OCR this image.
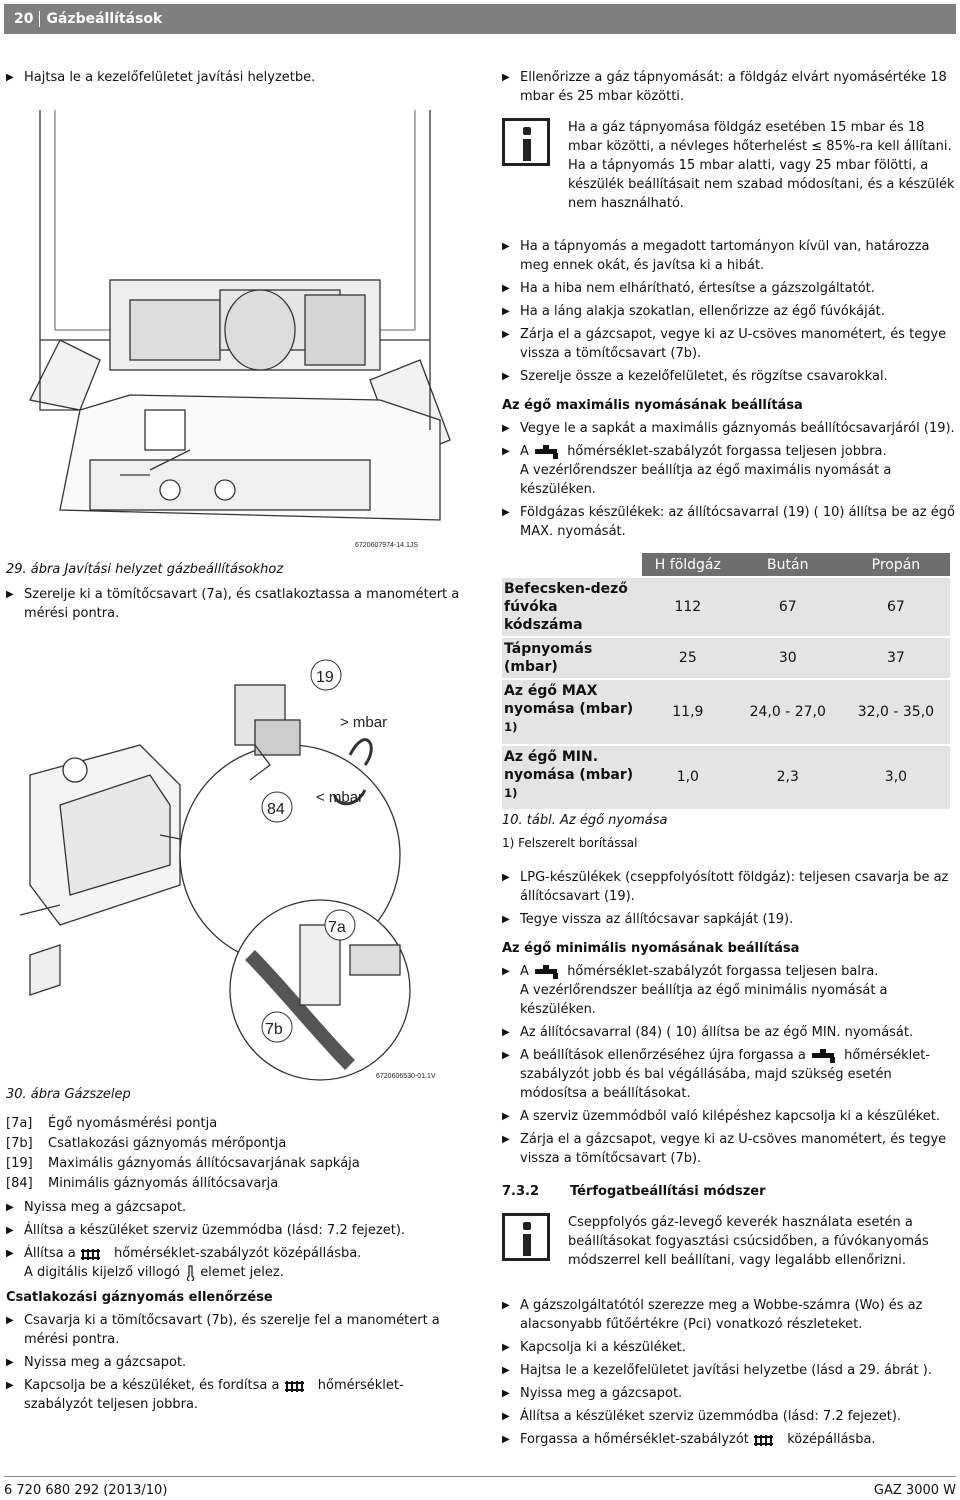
20 Gázbeállítások
▶ Hajtsa le a kezelőfelületet javítási helyzetbe.
6720607974-14.1JS
29. ábra Javítási helyzet gázbeállításokhoz
▶ Szerelje ki a tömítőcsavart (7a), és csatlakoztassa a manométert a mérési pontra.
19
> mbar
< mbar
84
7a
7b
6720606530-01.1V
30. ábra Gázszelep
[7a]	Égő nyomásmérési pontja
[7b]	Csatlakozási gáznyomás mérőpontja
[19]	Maximális gáznyomás állítócsavarjának sapkája
[84]	Minimális gáznyomás állítócsavarja
▶ Nyissa meg a gázcsapot.
▶ Állítsa a készüléket szerviz üzemmódba (lásd: 7.2 fejezet).
▶ Állítsa a	hőmérséklet-szabályzót középállásba.
A digitális kijelző villogó elemet jelez.
Csatlakozási gáznyomás ellenőrzése
▶ Csavarja ki a tömítőcsavart (7b), és szerelje fel a manométert a mérési pontra.
▶ Nyissa meg a gázcsapot.
▶ Kapcsolja be a készüléket, és fordítsa a	hőmérséklet-szabályzót teljesen jobbra.
▶ Ellenőrizze a gáz tápnyomását: a földgáz elvárt nyomásértéke 18 mbar és 25 mbar közötti.
Ha a gáz tápnyomása földgáz esetében 15 mbar és 18 mbar közötti, a névleges hőterhelést ≤ 85%-ra kell állítani. Ha a tápnyomás 15 mbar alatti, vagy 25 mbar fölötti, a készülék beállításait nem szabad módosítani, és a készülék nem használható.
▶ Ha a tápnyomás a megadott tartományon kívül van, határozza meg ennek okát, és javítsa ki a hibát.
▶ Ha a hiba nem elhárítható, értesítse a gázszolgáltatót.
▶ Ha a láng alakja szokatlan, ellenőrizze az égő fúvókáját.
▶ Zárja el a gázcsapot, vegye ki az U-csöves manométert, és tegye vissza a tömítőcsavart (7b).
▶ Szerelje össze a kezelőfelületet, és rögzítse csavarokkal.
Az égő maximális nyomásának beállítása
▶ Vegye le a sapkát a maximális gáznyomás beállítócsavarjáról (19).
▶ A	hőmérséklet-szabályzót forgassa teljesen jobbra.
A vezérlőrendszer beállítja az égő maximális nyomását a készüléken.
▶ Földgázas készülékek: az állítócsavarral (19) ( 10) állítsa be az égő MAX. nyomását.
	H földgáz	Bután	Propán
Befecsken-dező fúvóka kódszáma	112	67	67
Tápnyomás (mbar)	25	30	37
Az égő MAX nyomása (mbar) $^{1)}$	11,9	24,0 - 27,0	32,0 - 35,0
Az égő MIN. nyomása (mbar) $^{1)}$	1,0	2,3	3,0
10. tábl. Az égő nyomása
1) Felszerelt borítással
▶ LPG-készülékek (cseppfolyósított földgáz): teljesen csavarja be az állítócsavart (19).
▶ Tegye vissza az állítócsavar sapkáját (19).
Az égő minimális nyomásának beállítása
▶ A	hőmérséklet-szabályzót forgassa teljesen balra.
A vezérlőrendszer beállítja az égő minimális nyomását a készüléken.
▶ Az állítócsavarral (84) ( 10) állítsa be az égő MIN. nyomását.
▶ A beállítások ellenőrzéséhez újra forgassa a	hőmérséklet-szabályzót jobb és bal végállásába, majd szükség esetén módosítsa a beállításokat.
▶ A szerviz üzemmódból való kilépéshez kapcsolja ki a készüléket.
▶ Zárja el a gázcsapot, vegye ki az U-csöves manométert, és tegye vissza a tömítőcsavart (7b).
7.3.2	Térfogatbeállítási módszer
Cseppfolyós gáz-levegő keverék használata esetén a beállításokat fogyasztási csúcsidőben, a fúvókanyomás módszerrel kell beállítani, vagy legalább ellenőrizni.
▶ A gázszolgáltatótól szerezze meg a Wobbe-számra (Wo) és az alacsonyabb fűtőértékre (Pci) vonatkozó részleteket.
▶ Kapcsolja ki a készüléket.
▶ Hajtsa le a kezelőfelületet javítási helyzetbe (lásd a 29. ábrát ).
▶ Nyissa meg a gázcsapot.
▶ Állítsa a készüléket szerviz üzemmódba (lásd: 7.2 fejezet).
▶ Forgassa a hőmérséklet-szabályzót	középállásba.
6 720 680 292 (2013/10)	GAZ 3000 W
